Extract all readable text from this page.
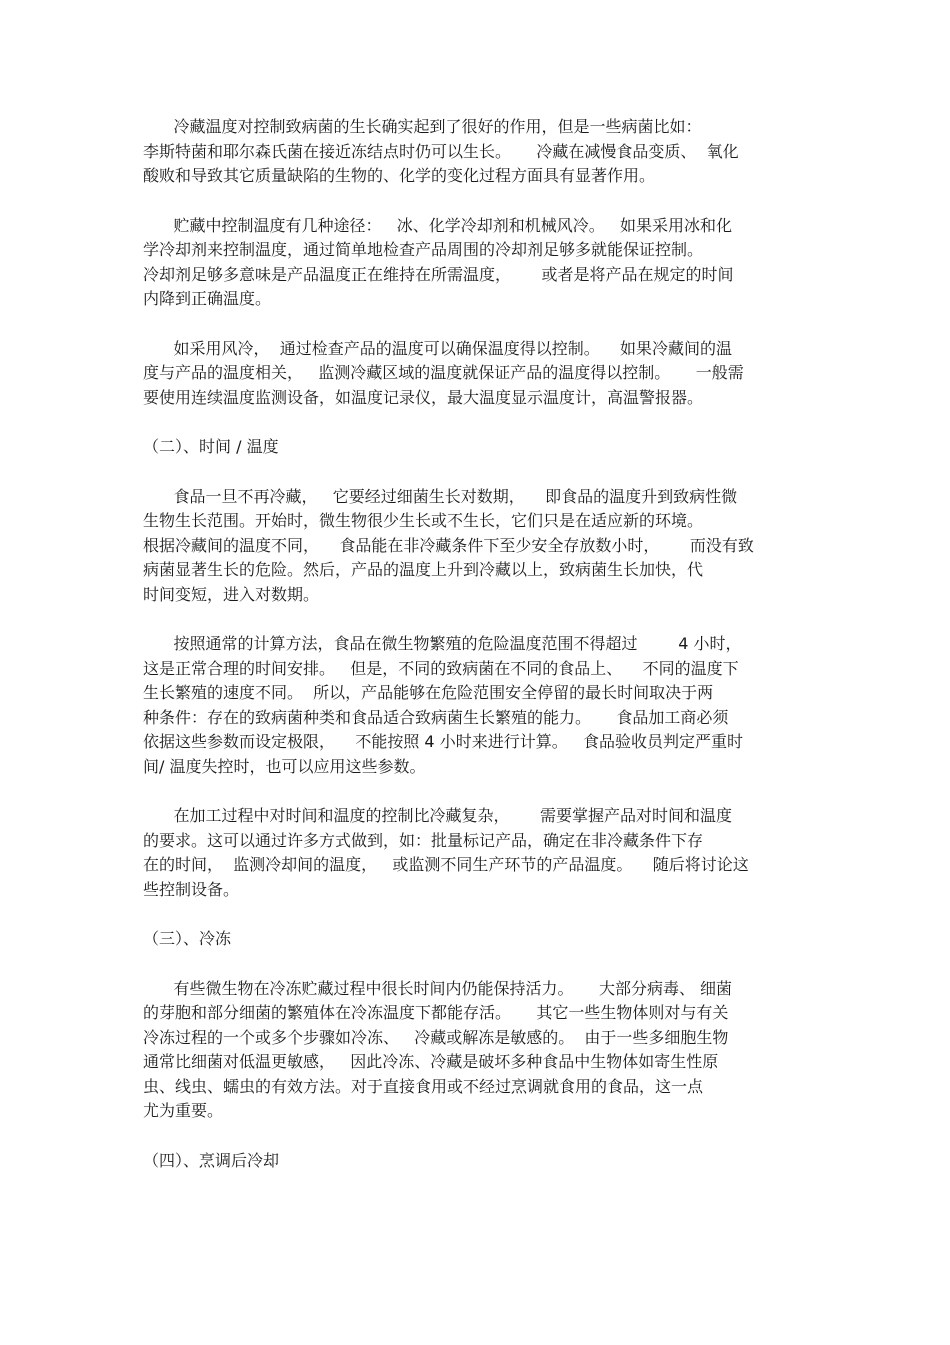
冷藏温度对控制致病菌的生长确实起到了很好的作用，但是一些病菌比如：
李斯特菌和耶尔森氏菌在接近冻结点时仍可以生长。     冷藏在减慢食品变质、  氧化
酸败和导致其它质量缺陷的生物的、化学的变化过程方面具有显著作用。
贮藏中控制温度有几种途径：   冰、化学冷却剂和机械风冷。   如果采用冰和化
学冷却剂来控制温度，通过简单地检查产品周围的冷却剂足够多就能保证控制。
冷却剂足够多意味是产品温度正在维持在所需温度，      或者是将产品在规定的时间
内降到正确温度。
如采用风冷，  通过检查产品的温度可以确保温度得以控制。    如果冷藏间的温
度与产品的温度相关，   监测冷藏区域的温度就保证产品的温度得以控制。     一般需
要使用连续温度监测设备，如温度记录仪，最大温度显示温度计，高温警报器。
（二）、时间 / 温度
食品一旦不再冷藏，   它要经过细菌生长对数期，    即食品的温度升到致病性微
生物生长范围。开始时，微生物很少生长或不生长，它们只是在适应新的环境。
根据冷藏间的温度不同，    食品能在非冷藏条件下至少安全存放数小时，      而没有致
病菌显著生长的危险。然后，产品的温度上升到冷藏以上，致病菌生长加快，代
时间变短，进入对数期。
按照通常的计算方法，食品在微生物繁殖的危险温度范围不得超过        4 小时，
这是正常合理的时间安排。   但是，不同的致病菌在不同的食品上、    不同的温度下
生长繁殖的速度不同。  所以，产品能够在危险范围安全停留的最长时间取决于两
种条件：存在的致病菌种类和食品适合致病菌生长繁殖的能力。     食品加工商必须
依据这些参数而设定极限，    不能按照 4 小时来进行计算。   食品验收员判定严重时
间/ 温度失控时，也可以应用这些参数。
在加工过程中对时间和温度的控制比冷藏复杂，      需要掌握产品对时间和温度
的要求。这可以通过许多方式做到，如：批量标记产品，确定在非冷藏条件下存
在的时间，  监测冷却间的温度，   或监测不同生产环节的产品温度。    随后将讨论这
些控制设备。
（三）、冷冻
有些微生物在冷冻贮藏过程中很长时间内仍能保持活力。     大部分病毒、 细菌
的芽胞和部分细菌的繁殖体在冷冻温度下都能存活。     其它一些生物体则对与有关
冷冻过程的一个或多个步骤如冷冻、   冷藏或解冻是敏感的。  由于一些多细胞生物
通常比细菌对低温更敏感，   因此冷冻、冷藏是破坏多种食品中生物体如寄生性原
虫、线虫、蠕虫的有效方法。对于直接食用或不经过烹调就食用的食品，这一点
尤为重要。
（四）、烹调后冷却
